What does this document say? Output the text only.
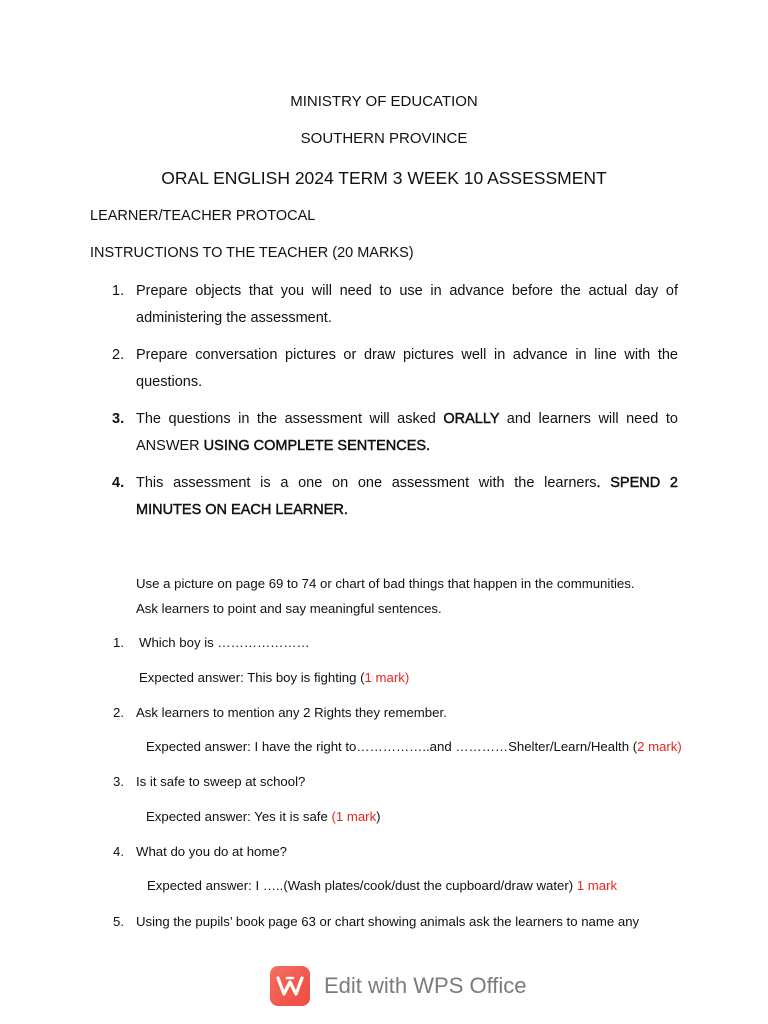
MINISTRY OF EDUCATION
SOUTHERN PROVINCE
ORAL ENGLISH 2024 TERM 3 WEEK 10 ASSESSMENT
LEARNER/TEACHER PROTOCAL
INSTRUCTIONS TO THE TEACHER (20 MARKS)
1. Prepare objects that you will need to use in advance before the actual day of
administering the assessment.
2. Prepare conversation pictures or draw pictures well in advance in line with the
questions.
3. The questions in the assessment will asked ORALLY and learners will need to
ANSWER USING COMPLETE SENTENCES.
4. This assessment is a one on one assessment with the learners. SPEND 2
MINUTES ON EACH LEARNER.
Use a picture on page 69 to 74 or chart of bad things that happen in the communities.
Ask learners to point and say meaningful sentences.
1. Which boy is …………………
Expected answer: This boy is fighting (1 mark)
2. Ask learners to mention any 2 Rights they remember.
Expected answer: I have the right to……………..and …………Shelter/Learn/Health (2 mark)
3. Is it safe to sweep at school?
Expected answer: Yes it is safe (1 mark)
4. What do you do at home?
Expected answer: I …..(Wash plates/cook/dust the cupboard/draw water) 1 mark
5. Using the pupils’ book page 63 or chart showing animals ask the learners to name any
Edit with WPS Office
